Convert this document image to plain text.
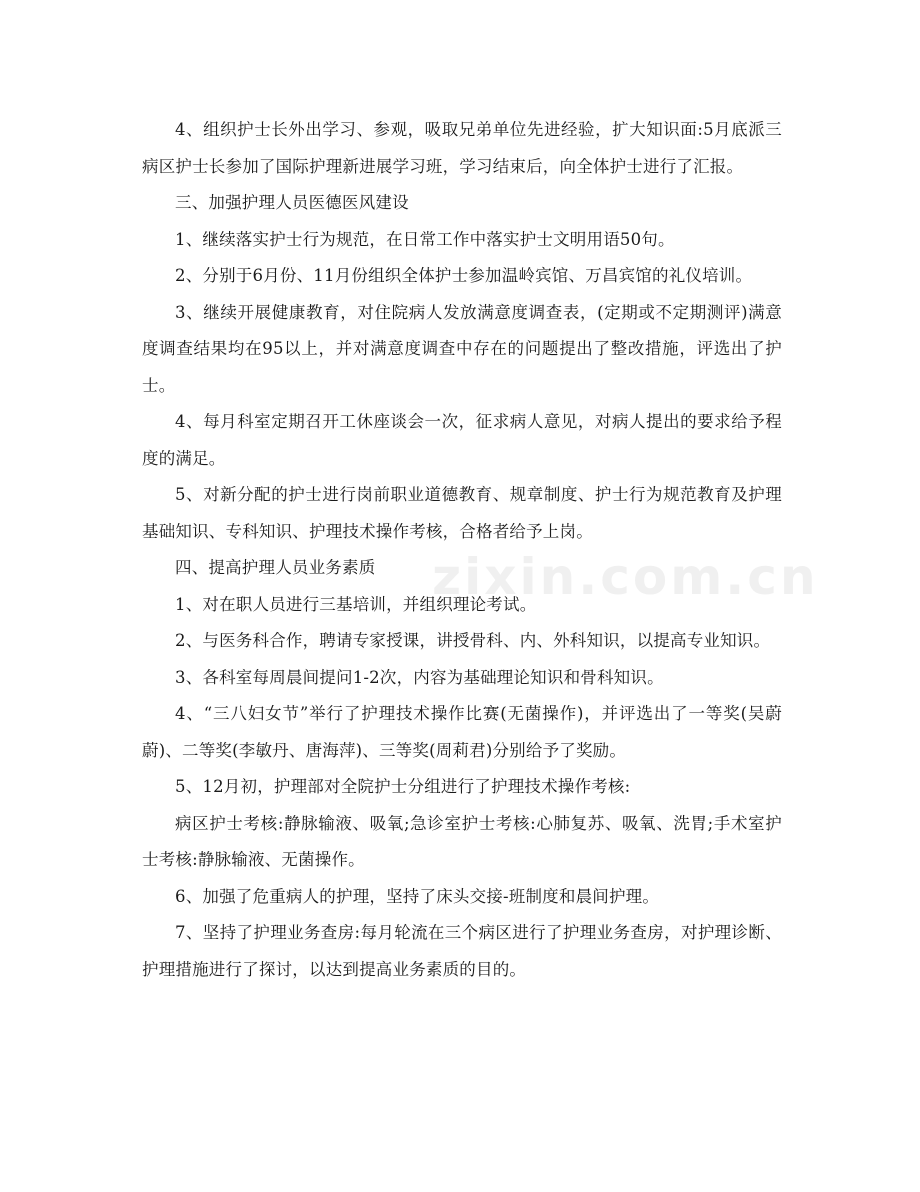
4、组织护士长外出学习、参观，吸取兄弟单位先进经验，扩大知识面:5月底派三病区护士长参加了国际护理新进展学习班，学习结束后，向全体护士进行了汇报。

三、加强护理人员医德医风建设

1、继续落实护士行为规范，在日常工作中落实护士文明用语50句。

2、分别于6月份、11月份组织全体护士参加温岭宾馆、万昌宾馆的礼仪培训。

3、继续开展健康教育，对住院病人发放满意度调查表，(定期或不定期测评)满意度调查结果均在95以上，并对满意度调查中存在的问题提出了整改措施，评选出了护士。

4、每月科室定期召开工休座谈会一次，征求病人意见，对病人提出的要求给予程度的满足。

5、对新分配的护士进行岗前职业道德教育、规章制度、护士行为规范教育及护理基础知识、专科知识、护理技术操作考核，合格者给予上岗。

四、提高护理人员业务素质

1、对在职人员进行三基培训，并组织理论考试。

2、与医务科合作，聘请专家授课，讲授骨科、内、外科知识，以提高专业知识。

3、各科室每周晨间提问1-2次，内容为基础理论知识和骨科知识。

4、“三八妇女节”举行了护理技术操作比赛(无菌操作)，并评选出了一等奖(吴蔚蔚)、二等奖(李敏丹、唐海萍)、三等奖(周莉君)分别给予了奖励。

5、12月初，护理部对全院护士分组进行了护理技术操作考核:

病区护士考核:静脉输液、吸氧;急诊室护士考核:心肺复苏、吸氧、洗胃;手术室护士考核:静脉输液、无菌操作。

6、加强了危重病人的护理，坚持了床头交接-班制度和晨间护理。

7、坚持了护理业务查房:每月轮流在三个病区进行了护理业务查房，对护理诊断、护理措施进行了探讨，以达到提高业务素质的目的。

zixin.com.cn
